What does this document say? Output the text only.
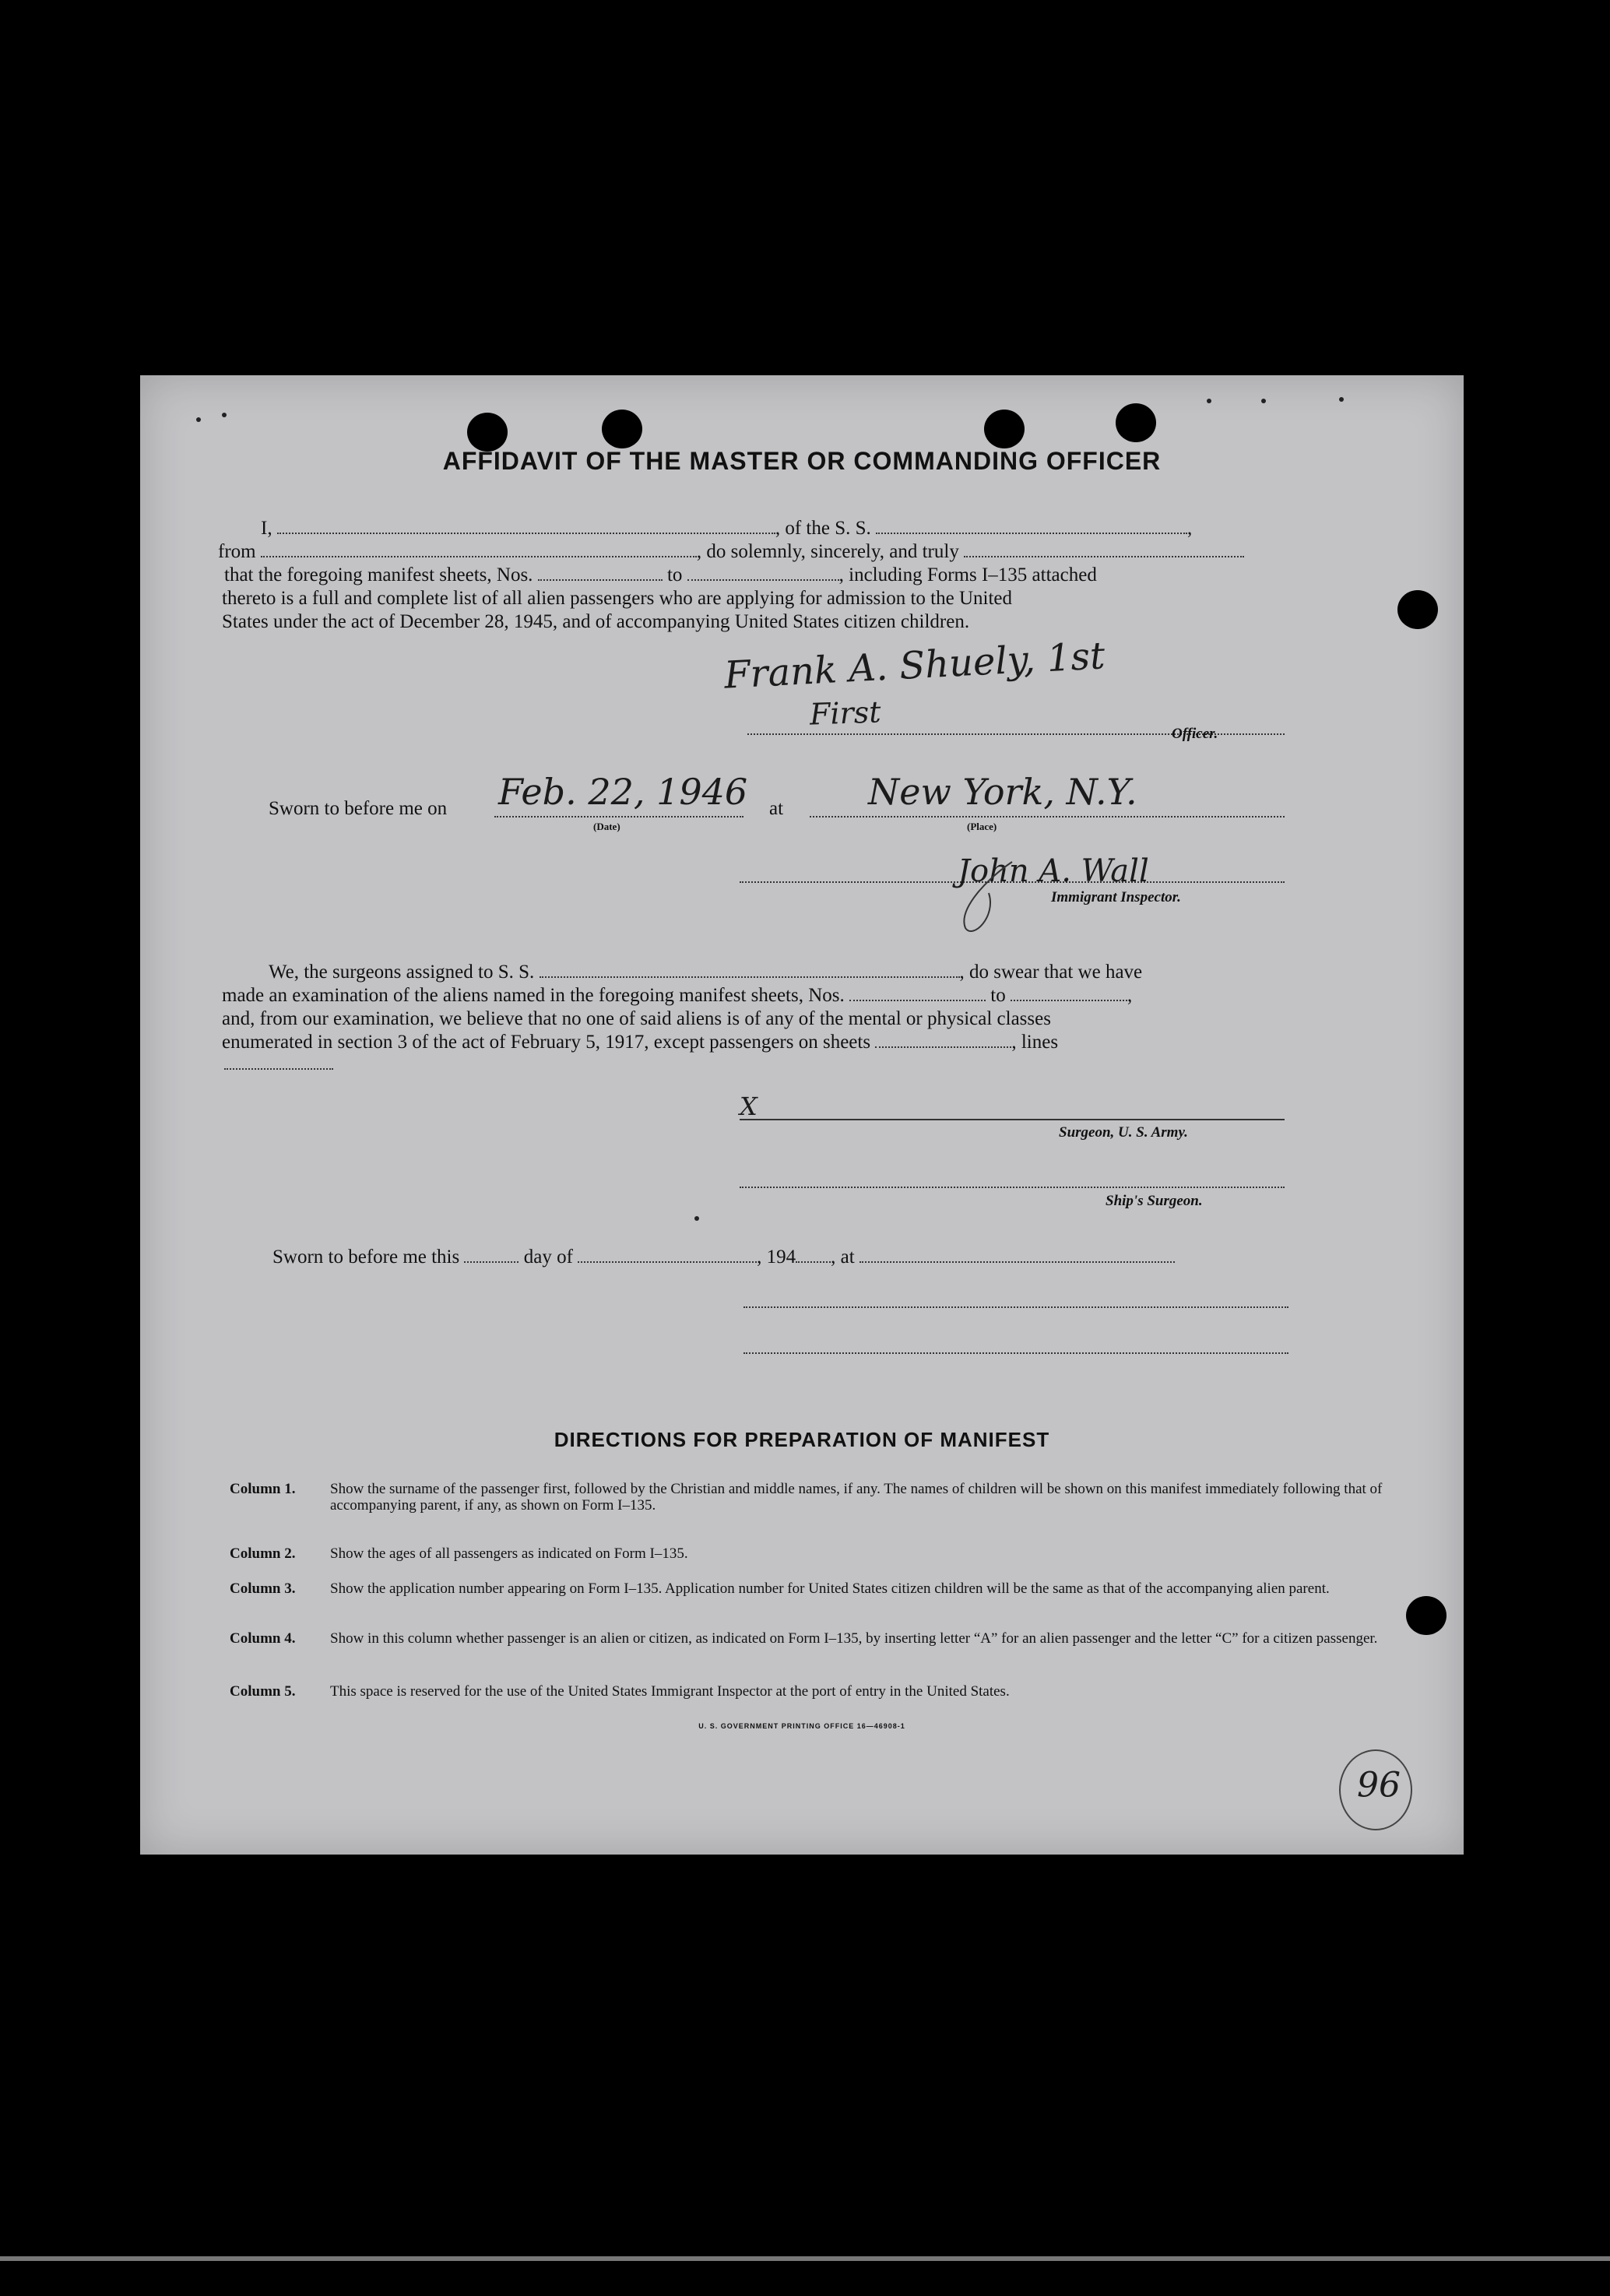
AFFIDAVIT OF THE MASTER OR COMMANDING OFFICER
I,	, of the S. S.	,
from	, do solemnly, sincerely, and truly
that the foregoing manifest sheets, Nos.	to	, including Forms I–135 attached
thereto is a full and complete list of all alien passengers who are applying for admission to the United
States under the act of December 28, 1945, and of accompanying United States citizen children.
Frank A. Shuely, 1st
First
Officer.
Sworn to before me on Feb. 22, 1946
(Date)
at New York, N.Y.
(Place)
John A. Wall
Immigrant Inspector.
We, the surgeons assigned to S. S.	, do swear that we have
made an examination of the aliens named in the foregoing manifest sheets, Nos.	to	,
and, from our examination, we believe that no one of said aliens is of any of the mental or physical classes
enumerated in section 3 of the act of February 5, 1917, except passengers on sheets	, lines
X
Surgeon, U. S. Army.
Ship's Surgeon.
Sworn to before me this	day of	, 194 , at
DIRECTIONS FOR PREPARATION OF MANIFEST
Column 1. Show the surname of the passenger first, followed by the Christian and middle names, if any. The names of children will be shown on this manifest immediately following that of accompanying parent, if any, as shown on Form I–135.
Column 2. Show the ages of all passengers as indicated on Form I–135.
Column 3. Show the application number appearing on Form I–135. Application number for United States citizen children will be the same as that of the accompanying alien parent.
Column 4. Show in this column whether passenger is an alien or citizen, as indicated on Form I–135, by inserting letter “A” for an alien passenger and the letter “C” for a citizen passenger.
Column 5. This space is reserved for the use of the United States Immigrant Inspector at the port of entry in the United States.
U. S. GOVERNMENT PRINTING OFFICE 16—46908-1
96
